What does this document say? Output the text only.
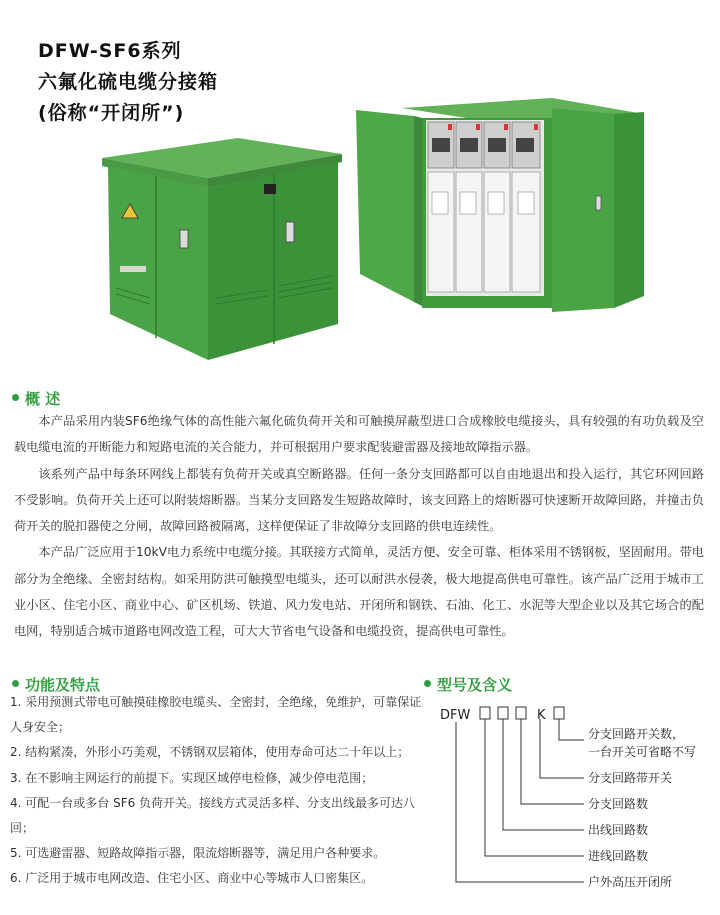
DFW-SF6系列
六氟化硫电缆分接箱
(俗称“开闭所”)
概 述

本产品采用内装SF6绝缘气体的高性能六氟化硫负荷开关和可触摸屏蔽型进口合成橡胶电缆接头，具有较强的有功负载及空载电缆电流的开断能力和短路电流的关合能力，并可根据用户要求配装避雷器及接地故障指示器。

该系列产品中每条环网线上都装有负荷开关或真空断路器。任何一条分支回路都可以自由地退出和投入运行，其它环网回路不受影响。负荷开关上还可以附装熔断器。当某分支回路发生短路故障时，该支回路上的熔断器可快速断开故障回路，并撞击负荷开关的脱扣器使之分闸，故障回路被隔离，这样便保证了非故障分支回路的供电连续性。

本产品广泛应用于10kV电力系统中电缆分接。其联接方式简单，灵活方便、安全可靠、柜体采用不锈钢板，坚固耐用。带电部分为全绝缘、全密封结构。如采用防洪可触摸型电缆头，还可以耐洪水侵袭，极大地提高供电可靠性。该产品广泛用于城市工业小区、住宅小区、商业中心、矿区机场、铁道、风力发电站、开闭所和钢铁、石油、化工、水泥等大型企业以及其它场合的配电网，特别适合城市道路电网改造工程，可大大节省电气设备和电缆投资，提高供电可靠性。

功能及特点
1. 采用预测式带电可触摸硅橡胶电缆头、全密封，全绝缘，免维护，可靠保证人身安全；
2. 结构紧凑，外形小巧美观，不锈钢双层箱体，使用寿命可达二十年以上；
3. 在不影响主网运行的前提下。实现区域停电检修，减少停电范围；
4. 可配一台或多台 SF6 负荷开关。接线方式灵活多样、分支出线最多可达八回；
5. 可选避雷器、短路故障指示器，限流熔断器等，满足用户各种要求。
6. 广泛用于城市电网改造、住宅小区、商业中心等城市人口密集区。
型号及含义
DFW	K
分支回路开关数，
一台开关可省略不写
分支回路带开关
分支回路数
出线回路数
进线回路数
户外高压开闭所
